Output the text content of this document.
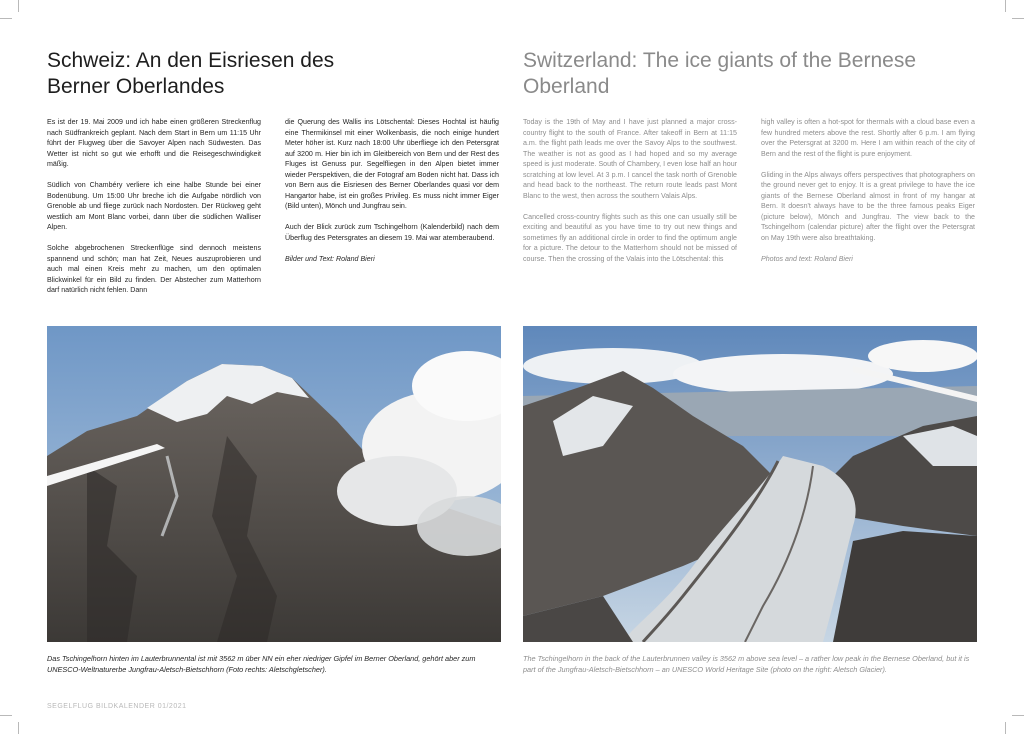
Schweiz: An den Eisriesen des
Berner Oberlandes
Switzerland: The ice giants of the Bernese
Oberland

Es ist der 19. Mai 2009 und ich habe einen größeren Streckenflug nach Südfrankreich geplant. Nach dem Start in Bern um 11:15 Uhr führt der Flugweg über die Savoyer Alpen nach Südwesten. Das Wetter ist nicht so gut wie erhofft und die Reisegeschwindigkeit mäßig.

Südlich von Chambéry verliere ich eine halbe Stunde bei einer Bodenübung. Um 15:00 Uhr breche ich die Aufgabe nördlich von Grenoble ab und fliege zurück nach Nordosten. Der Rückweg geht westlich am Mont Blanc vorbei, dann über die südlichen Walliser Alpen.

Solche abgebrochenen Streckenflüge sind dennoch meistens spannend und schön; man hat Zeit, Neues auszuprobieren und auch mal einen Kreis mehr zu machen, um den optimalen Blickwinkel für ein Bild zu finden. Der Abstecher zum Matterhorn darf natürlich nicht fehlen. Dann

die Querung des Wallis ins Lötschental: Dieses Hochtal ist häufig eine Thermikinsel mit einer Wolkenbasis, die noch einige hundert Meter höher ist. Kurz nach 18:00 Uhr überfliege ich den Petersgrat auf 3200 m. Hier bin ich im Gleitbereich von Bern und der Rest des Fluges ist Genuss pur. Segelfliegen in den Alpen bietet immer wieder Perspektiven, die der Fotograf am Boden nicht hat. Dass ich von Bern aus die Eisriesen des Berner Oberlandes quasi vor dem Hangartor habe, ist ein großes Privileg. Es muss nicht immer Eiger (Bild unten), Mönch und Jungfrau sein.

Auch der Blick zurück zum Tschingelhorn (Kalenderbild) nach dem Überflug des Petersgrates an diesem 19. Mai war atemberaubend.

Bilder und Text: Roland Bieri

Today is the 19th of May and I have just planned a major cross-country flight to the south of France. After takeoff in Bern at 11:15 a.m. the flight path leads me over the Savoy Alps to the southwest. The weather is not as good as I had hoped and so my average speed is just moderate. South of Chambery, I even lose half an hour scratching at low level. At 3 p.m. I cancel the task north of Grenoble and head back to the northeast. The return route leads past Mont Blanc to the west, then across the southern Valais Alps.

Cancelled cross-country flights such as this one can usually still be exciting and beautiful as you have time to try out new things and sometimes fly an additional circle in order to find the optimum angle for a picture. The detour to the Matterhorn should not be missed of course. Then the crossing of the Valais into the Lötschental: this

high valley is often a hot-spot for thermals with a cloud base even a few hundred meters above the rest. Shortly after 6 p.m. I am flying over the Petersgrat at 3200 m. Here I am within reach of the city of Bern and the rest of the flight is pure enjoyment.

Gliding in the Alps always offers perspectives that photographers on the ground never get to enjoy. It is a great privilege to have the ice giants of the Bernese Oberland almost in front of my hangar at Bern. It doesn't always have to be the three famous peaks Eiger (picture below), Mönch and Jungfrau. The view back to the Tschingelhorn (calendar picture) after the flight over the Petersgrat on May 19th were also breathtaking.

Photos and text: Roland Bieri

Das Tschingelhorn hinten im Lauterbrunnental ist mit 3562 m über NN ein eher niedriger Gipfel im Berner Oberland, gehört aber zum UNESCO-Weltnaturerbe Jungfrau-Aletsch-Bietschhorn (Foto rechts: Aletschgletscher).
The Tschingelhorn in the back of the Lauterbrunnen valley is 3562 m above sea level – a rather low peak in the Bernese Oberland, but it is part of the Jungfrau-Aletsch-Bietschhorn – an UNESCO World Heritage Site (photo on the right: Aletsch Glacier).
SEGELFLUG BILDKALENDER 01/2021
